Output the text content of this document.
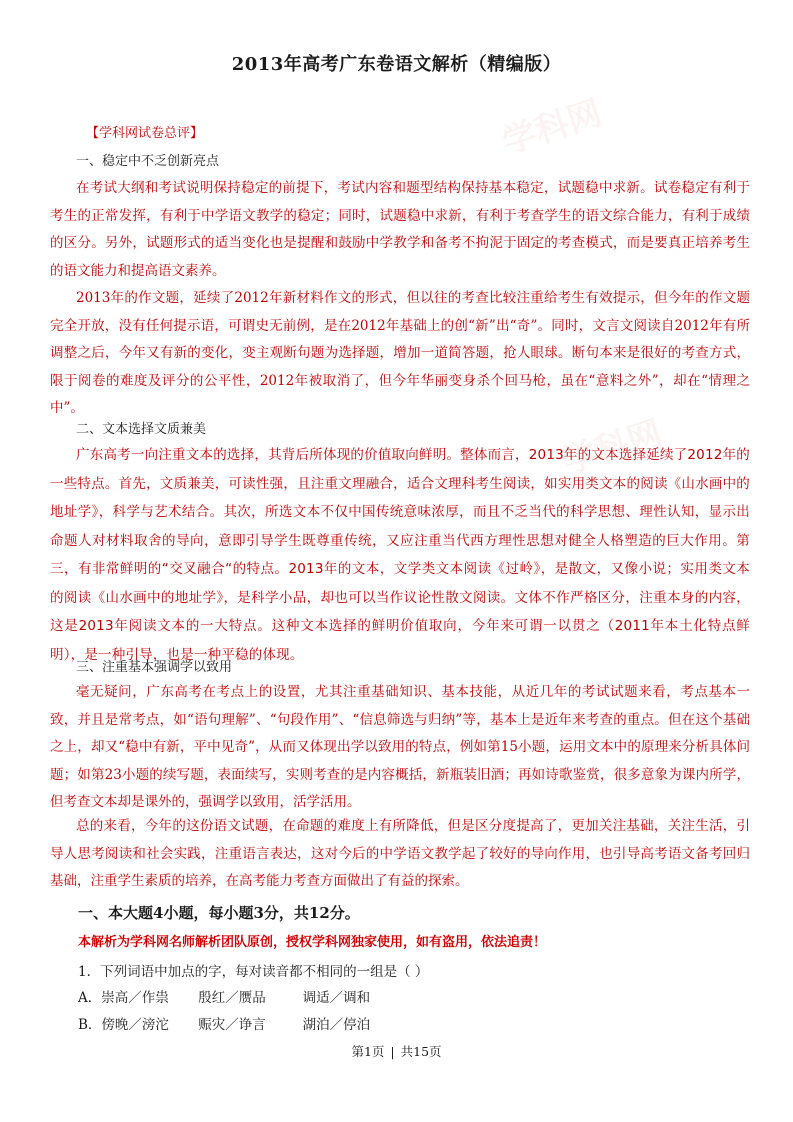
学科网
学科网
2013年高考广东卷语文解析（精编版）
【学科网试卷总评】
一、稳定中不乏创新亮点

在考试大纲和考试说明保持稳定的前提下，考试内容和题型结构保持基本稳定，试题稳中求新。试卷稳定有利于考生的正常发挥，有利于中学语文教学的稳定；同时，试题稳中求新，有利于考查学生的语文综合能力，有利于成绩的区分。另外，试题形式的适当变化也是提醒和鼓励中学教学和备考不拘泥于固定的考查模式，而是要真正培养考生的语文能力和提高语文素养。

2013年的作文题，延续了2012年新材料作文的形式，但以往的考查比较注重给考生有效提示，但今年的作文题完全开放，没有任何提示语，可谓史无前例，是在2012年基础上的创“新”出“奇”。同时，文言文阅读自2012年有所调整之后，今年又有新的变化，变主观断句题为选择题，增加一道简答题，抢人眼球。断句本来是很好的考查方式，限于阅卷的难度及评分的公平性，2012年被取消了，但今年华丽变身杀个回马枪，虽在“意料之外”，却在“情理之中”。

二、文本选择文质兼美

广东高考一向注重文本的选择，其背后所体现的价值取向鲜明。整体而言，2013年的文本选择延续了2012年的一些特点。首先，文质兼美，可读性强，且注重文理融合，适合文理科考生阅读，如实用类文本的阅读《山水画中的地址学》，科学与艺术结合。其次，所选文本不仅中国传统意味浓厚，而且不乏当代的科学思想、理性认知，显示出命题人对材料取舍的导向，意即引导学生既尊重传统，又应注重当代西方理性思想对健全人格塑造的巨大作用。第三，有非常鲜明的“交叉融合“的特点。2013年的文本，文学类文本阅读《过岭》，是散文，又像小说；实用类文本的阅读《山水画中的地址学》，是科学小品，却也可以当作议论性散文阅读。文体不作严格区分，注重本身的内容，这是2013年阅读文本的一大特点。这种文本选择的鲜明价值取向，今年来可谓一以贯之（2011年本土化特点鲜明），是一种引导，也是一种平稳的体现。

三、注重基本强调学以致用

毫无疑问，广东高考在考点上的设置，尤其注重基础知识、基本技能，从近几年的考试试题来看，考点基本一致，并且是常考点，如“语句理解”、“句段作用”、“信息筛选与归纳”等，基本上是近年来考查的重点。但在这个基础之上，却又“稳中有新，平中见奇”，从而又体现出学以致用的特点，例如第15小题，运用文本中的原理来分析具体问题；如第23小题的续写题，表面续写，实则考查的是内容概括，新瓶装旧酒；再如诗歌鉴赏，很多意象为课内所学，但考查文本却是课外的，强调学以致用，活学活用。

总的来看，今年的这份语文试题，在命题的难度上有所降低，但是区分度提高了，更加关注基础，关注生活，引导人思考阅读和社会实践，注重语言表达，这对今后的中学语文教学起了较好的导向作用，也引导高考语文备考回归基础，注重学生素质的培养，在高考能力考查方面做出了有益的探索。

一、本大题4小题，每小题3分，共12分。
本解析为学科网名师解析团队原创，授权学科网独家使用，如有盗用，依法追责！
1．下列词语中加点的字，每对读音都不相同的一组是（ ）
A．崇高／作祟 殷红／赝品	调适／调和
B．傍晚／滂沱 赈灾／诤言	湖泊／停泊
第1页 | 共15页
